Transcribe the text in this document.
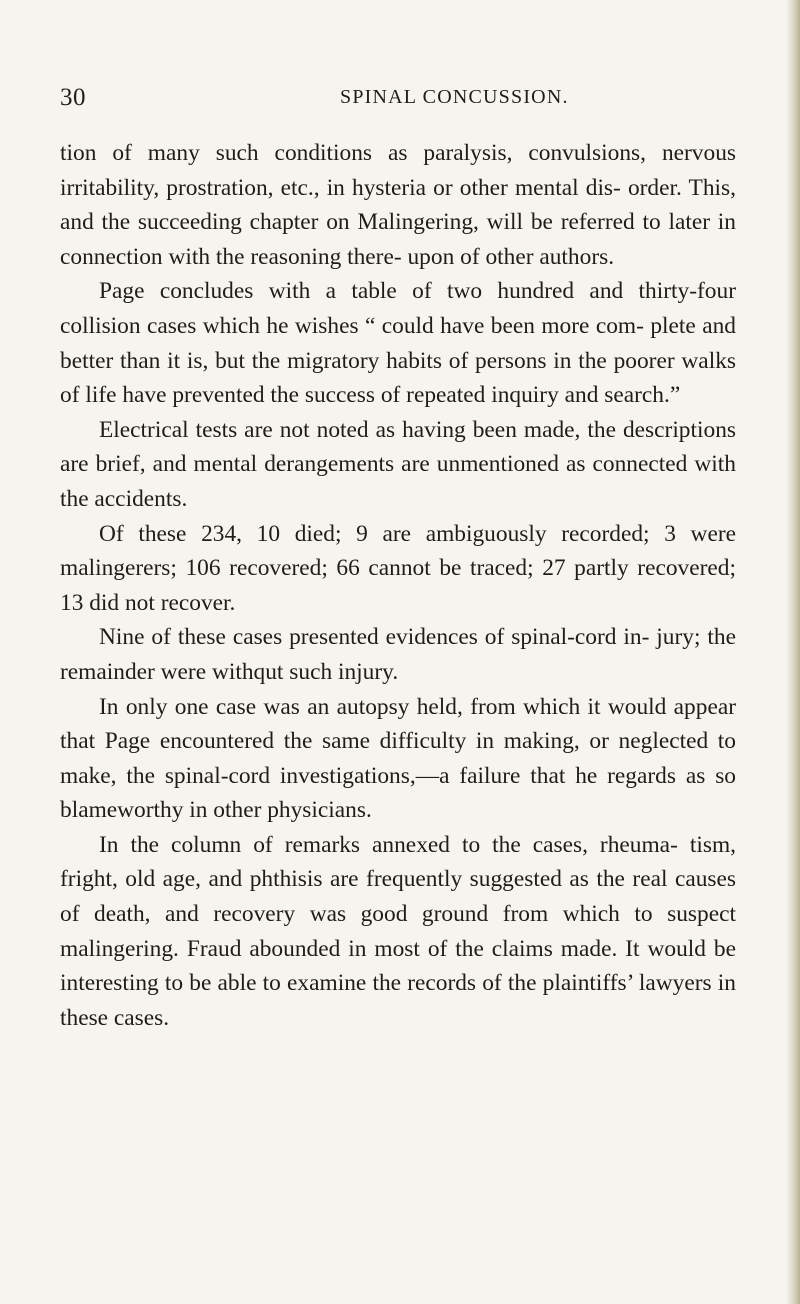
30	SPINAL CONCUSSION.

tion of many such conditions as paralysis, convulsions, nervous irritability, prostration, etc., in hysteria or other mental dis- order. This, and the succeeding chapter on Malingering, will be referred to later in connection with the reasoning there- upon of other authors.

Page concludes with a table of two hundred and thirty-four collision cases which he wishes “ could have been more com- plete and better than it is, but the migratory habits of persons in the poorer walks of life have prevented the success of repeated inquiry and search.”

Electrical tests are not noted as having been made, the descriptions are brief, and mental derangements are unmentioned as connected with the accidents.

Of these 234, 10 died; 9 are ambiguously recorded; 3 were malingerers; 106 recovered; 66 cannot be traced; 27 partly recovered; 13 did not recover.

Nine of these cases presented evidences of spinal-cord in- jury; the remainder were withqut such injury.

In only one case was an autopsy held, from which it would appear that Page encountered the same difficulty in making, or neglected to make, the spinal-cord investigations,—a failure that he regards as so blameworthy in other physicians.

In the column of remarks annexed to the cases, rheuma- tism, fright, old age, and phthisis are frequently suggested as the real causes of death, and recovery was good ground from which to suspect malingering. Fraud abounded in most of the claims made. It would be interesting to be able to examine the records of the plaintiffs’ lawyers in these cases.
